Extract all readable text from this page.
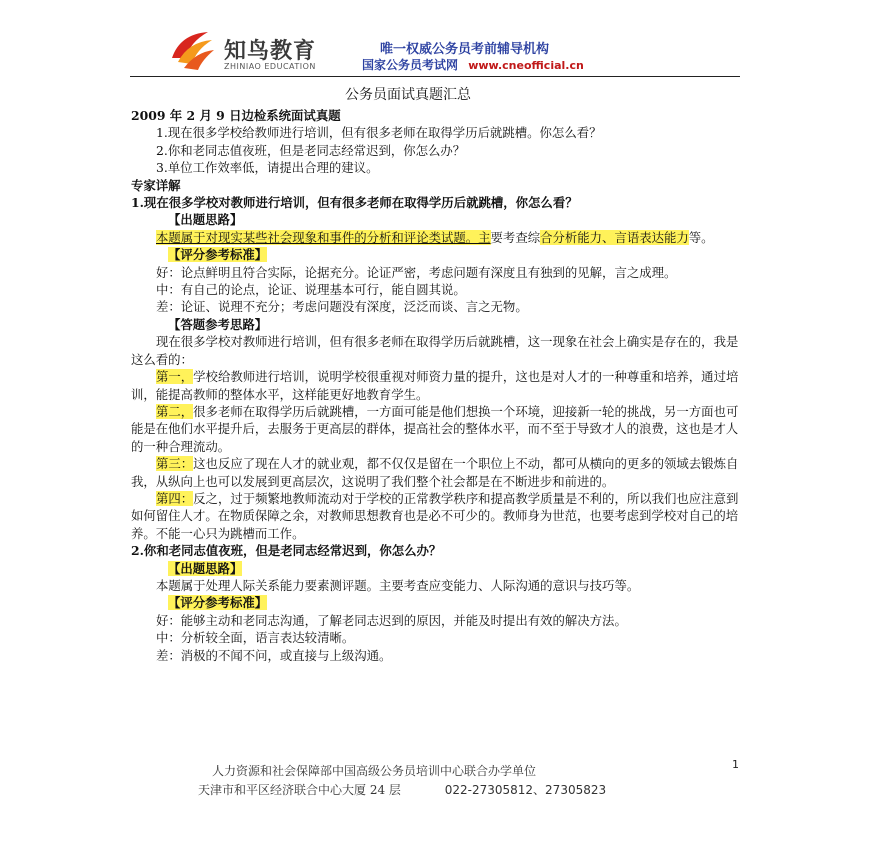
知鸟教育
ZHINIAO EDUCATION
唯一权威公务员考前辅导机构
国家公务员考试网 www.cneofficial.cn
公务员面试真题汇总

2009 年 2 月 9 日边检系统面试真题

1.现在很多学校给教师进行培训，但有很多老师在取得学历后就跳槽。你怎么看？

2.你和老同志值夜班，但是老同志经常迟到，你怎么办？

3.单位工作效率低，请提出合理的建议。

专家详解

1.现在很多学校对教师进行培训，但有很多老师在取得学历后就跳槽，你怎么看？

【出题思路】

本题属于对现实某些社会现象和事件的分析和评论类试题。主要考查综合分析能力、言语表达能力等。

【评分参考标准】

好：论点鲜明且符合实际，论据充分。论证严密，考虑问题有深度且有独到的见解，言之成理。

中：有自己的论点，论证、说理基本可行，能自圆其说。

差：论证、说理不充分；考虑问题没有深度，泛泛而谈、言之无物。

【答题参考思路】

现在很多学校对教师进行培训，但有很多老师在取得学历后就跳槽，这一现象在社会上确实是存在的，我是这么看的：

第一，学校给教师进行培训，说明学校很重视对师资力量的提升，这也是对人才的一种尊重和培养，通过培训，能提高教师的整体水平，这样能更好地教育学生。

第二，很多老师在取得学历后就跳槽，一方面可能是他们想换一个环境，迎接新一轮的挑战，另一方面也可能是在他们水平提升后，去服务于更高层的群体，提高社会的整体水平，而不至于导致才人的浪费，这也是才人的一种合理流动。

第三：这也反应了现在人才的就业观，都不仅仅是留在一个职位上不动，都可从横向的更多的领域去锻炼自我，从纵向上也可以发展到更高层次，这说明了我们整个社会都是在不断进步和前进的。

第四：反之，过于频繁地教师流动对于学校的正常教学秩序和提高教学质量是不利的，所以我们也应注意到如何留住人才。在物质保障之余，对教师思想教育也是必不可少的。教师身为世范，也要考虑到学校对自己的培养。不能一心只为跳槽而工作。

2.你和老同志值夜班，但是老同志经常迟到，你怎么办？

【出题思路】

本题属于处理人际关系能力要素测评题。主要考查应变能力、人际沟通的意识与技巧等。

【评分参考标准】

好：能够主动和老同志沟通，了解老同志迟到的原因，并能及时提出有效的解决方法。

中：分析较全面，语言表达较清晰。

差：消极的不闻不问，或直接与上级沟通。

人力资源和社会保障部中国高级公务员培训中心联合办学单位
天津市和平区经济联合中心大厦 24 层	022-27305812、27305823
1
